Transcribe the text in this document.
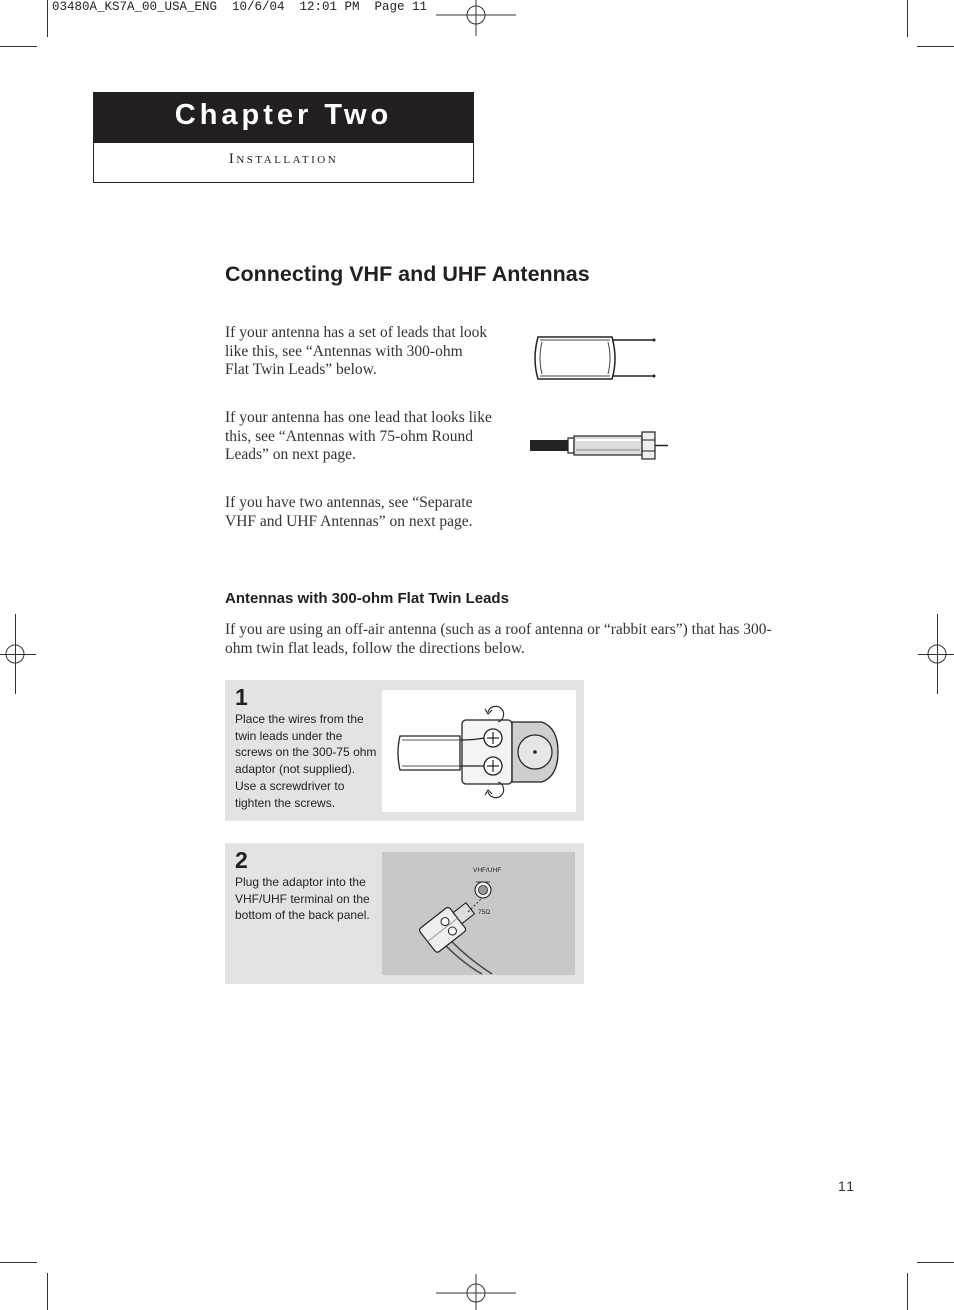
03480A_KS7A_00_USA_ENG  10/6/04  12:01 PM  Page 11
Chapter Two
Installation
Connecting VHF and UHF Antennas
If your antenna has a set of leads that look like this, see “Antennas with 300-ohm Flat Twin Leads” below.
If your antenna has one lead that looks like this, see “Antennas with 75-ohm Round Leads” on next page.
If you have two antennas, see “Separate VHF and UHF Antennas” on next page.
Antennas with 300-ohm Flat Twin Leads
If you are using an off-air antenna (such as a roof antenna or “rabbit ears”) that has 300-ohm twin flat leads, follow the directions below.
1
Place the wires from the twin leads under the screws on the 300-75 ohm adaptor (not supplied). Use a screwdriver to tighten the screws.
2
Plug the adaptor into the VHF/UHF terminal on the bottom of the back panel.
VHF/UHF
75Ω
11
